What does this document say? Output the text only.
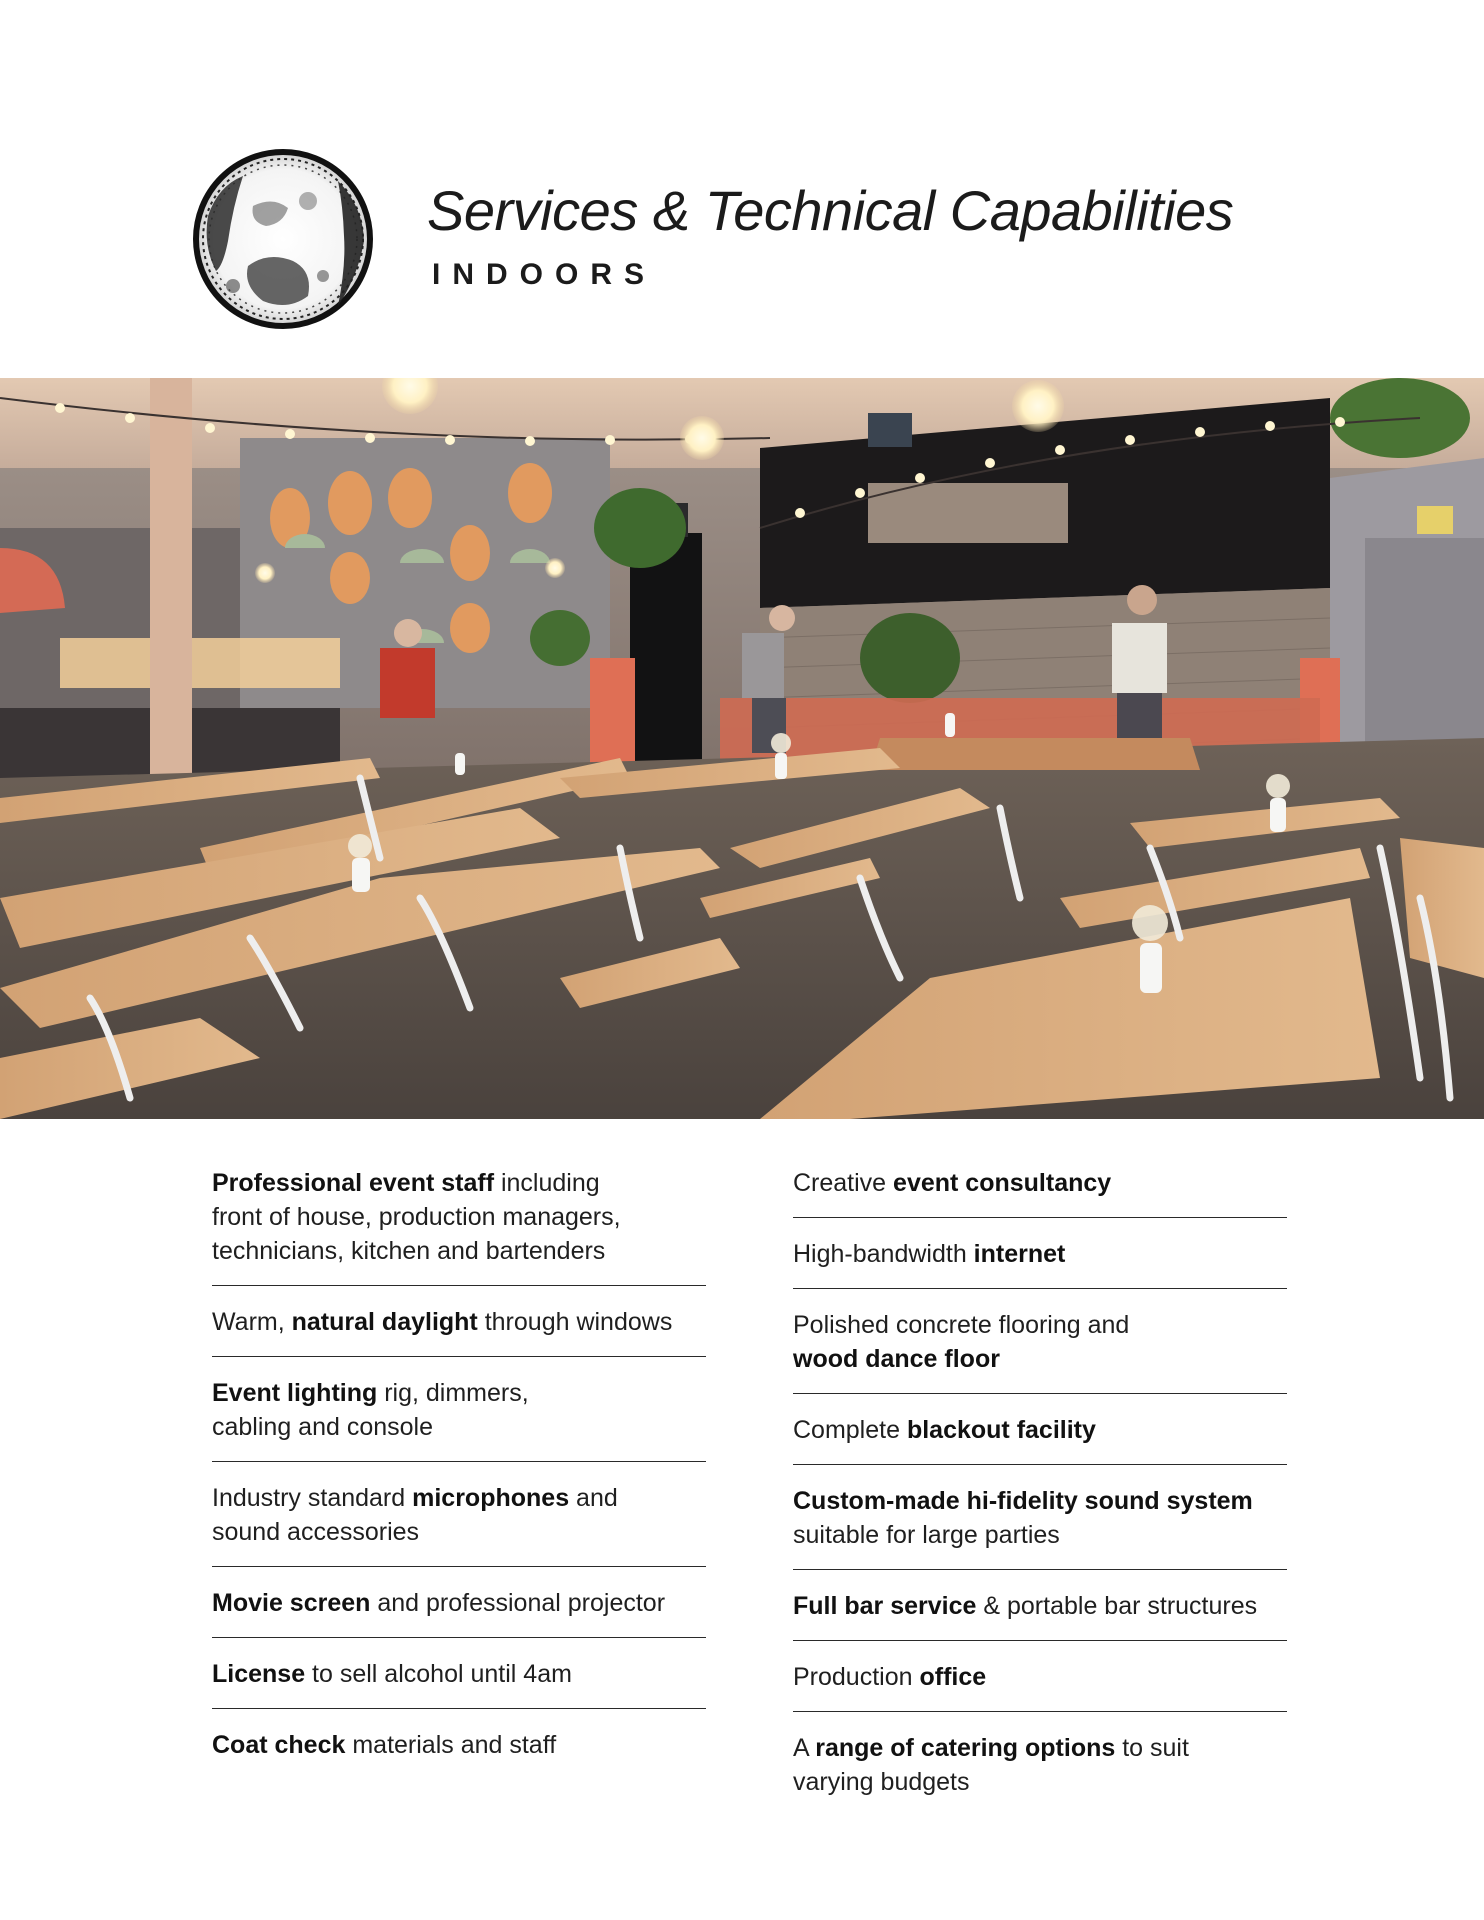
Services & Technical Capabilities
INDOORS
Professional event staff including
front of house, production managers,
technicians, kitchen and bartenders
Warm, natural daylight through windows
Event lighting rig, dimmers,
cabling and console
Industry standard microphones and
sound accessories
Movie screen and professional projector
License to sell alcohol until 4am
Coat check materials and staff
Creative event consultancy
High-bandwidth internet
Polished concrete flooring and
wood dance floor
Complete blackout facility
Custom-made hi-fidelity sound system
suitable for large parties
Full bar service & portable bar structures
Production office
A range of catering options to suit
varying budgets
